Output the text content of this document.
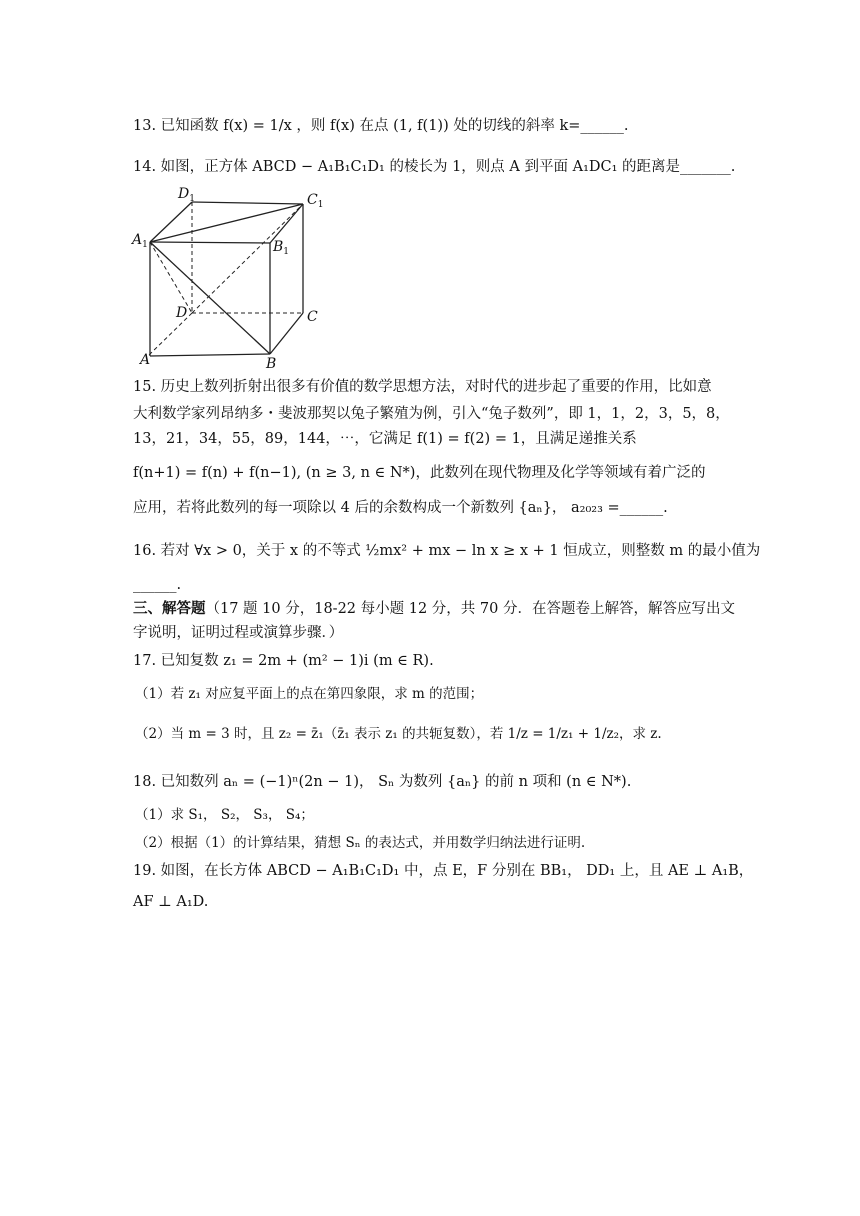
13. 已知函数 f(x) = 1/x ，则 f(x) 在点 (1, f(1)) 处的切线的斜率 k=______.
14. 如图，正方体 ABCD − A₁B₁C₁D₁ 的棱长为 1，则点 A 到平面 A₁DC₁ 的距离是_______.
$D_1$	$C_1$
$A_1$	$B_1$
D	C
A	B
15. 历史上数列折射出很多有价值的数学思想方法，对时代的进步起了重要的作用，比如意
大利数学家列昂纳多・斐波那契以兔子繁殖为例，引入“兔子数列”，即 1，1，2，3，5，8，
13，21，34，55，89，144，⋯，它满足 f(1) = f(2) = 1，且满足递推关系
f(n+1) = f(n) + f(n−1), (n ≥ 3, n ∈ N*)，此数列在现代物理及化学等领域有着广泛的
应用，若将此数列的每一项除以 4 后的余数构成一个新数列 {aₙ}， a₂₀₂₃ =______.
16. 若对 ∀x > 0，关于 x 的不等式 ½mx² + mx − ln x ≥ x + 1 恒成立，则整数 m 的最小值为
______.
三、解答题（17 题 10 分，18-22 每小题 12 分，共 70 分．在答题卷上解答，解答应写出文
字说明，证明过程或演算步骤．）
17. 已知复数 z₁ = 2m + (m² − 1)i (m ∈ R).
（1）若 z₁ 对应复平面上的点在第四象限，求 m 的范围；
（2）当 m = 3 时，且 z₂ = z̄₁（z̄₁ 表示 z₁ 的共轭复数），若 1/z = 1/z₁ + 1/z₂，求 z.
18. 已知数列 aₙ = (−1)ⁿ(2n − 1)， Sₙ 为数列 {aₙ} 的前 n 项和 (n ∈ N*).
（1）求 S₁， S₂， S₃， S₄；
（2）根据（1）的计算结果，猜想 Sₙ 的表达式，并用数学归纳法进行证明.
19. 如图，在长方体 ABCD − A₁B₁C₁D₁ 中，点 E，F 分别在 BB₁， DD₁ 上，且 AE ⊥ A₁B，
AF ⊥ A₁D.
